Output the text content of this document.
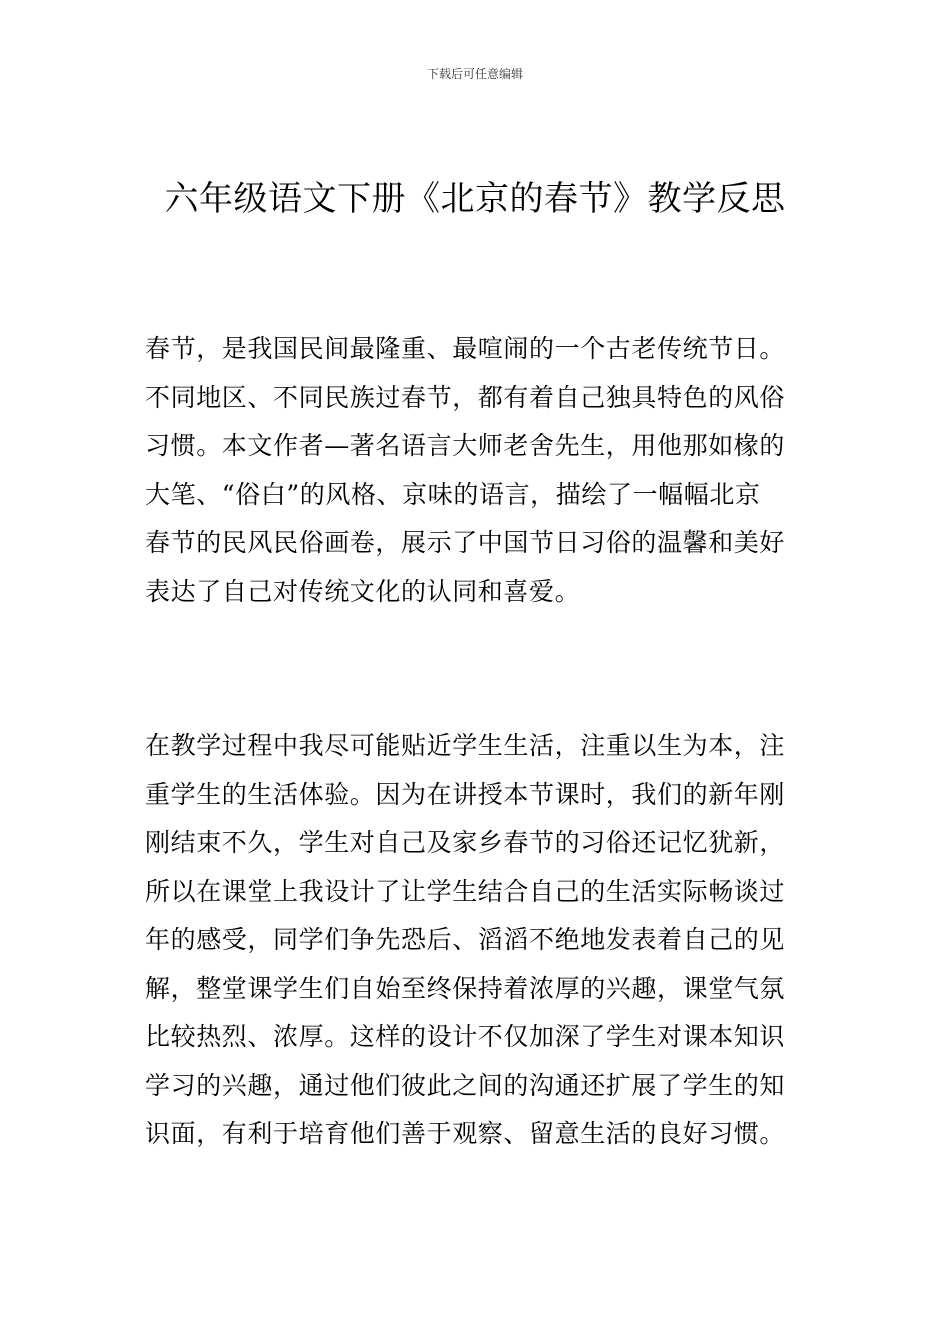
下载后可任意编辑
六年级语文下册《北京的春节》教学反思
春节，是我国民间最隆重、最喧闹的一个古老传统节日。
不同地区、不同民族过春节，都有着自己独具特色的风俗
习惯。本文作者—著名语言大师老舍先生，用他那如椽的
大笔、“俗白”的风格、京味的语言，描绘了一幅幅北京
春节的民风民俗画卷，展示了中国节日习俗的温馨和美好
表达了自己对传统文化的认同和喜爱。
在教学过程中我尽可能贴近学生生活，注重以生为本，注
重学生的生活体验。因为在讲授本节课时，我们的新年刚
刚结束不久，学生对自己及家乡春节的习俗还记忆犹新，
所以在课堂上我设计了让学生结合自己的生活实际畅谈过
年的感受，同学们争先恐后、滔滔不绝地发表着自己的见
解，整堂课学生们自始至终保持着浓厚的兴趣，课堂气氛
比较热烈、浓厚。这样的设计不仅加深了学生对课本知识
学习的兴趣，通过他们彼此之间的沟通还扩展了学生的知
识面，有利于培育他们善于观察、留意生活的良好习惯。
